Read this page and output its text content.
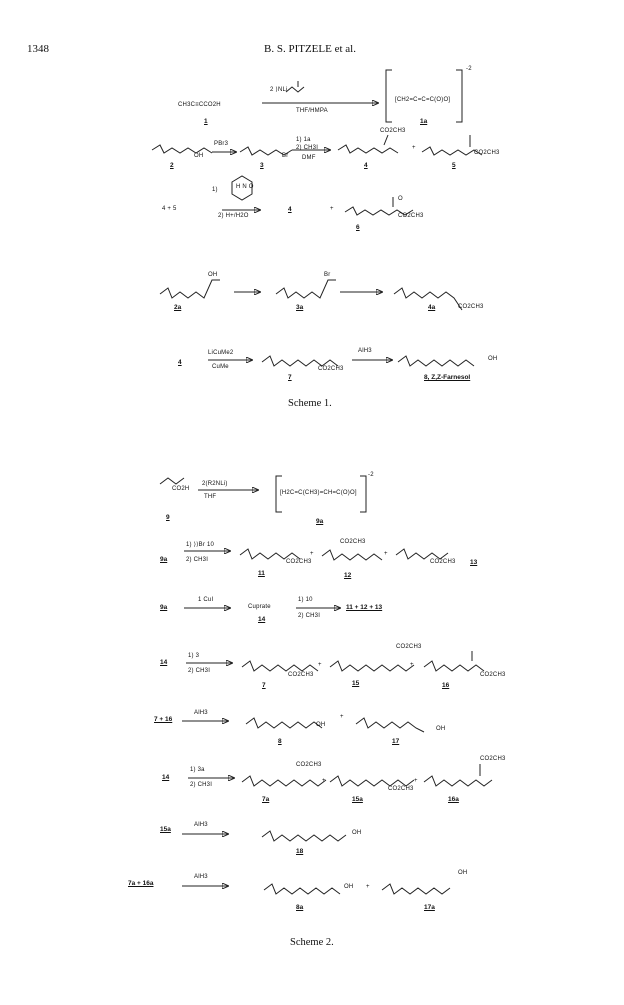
1348	B. S. PITZELE et al.
CH3C≡CCO2H
1
2 ⟩NLi
THF/HMPA
[CH2=C=C=C(O)O]
-2
1a
OH
2
PBr3
Br
3
1) 1a
2) CH3I
DMF
CO2CH3
4
+
CO2CH3
5
4 + 5
1)	H N O
2) H+/H2O
4	+
O
CO2CH3
6
OH
2a
Br
3a	CO2CH3
4a
4
LiCuMe2
CuMe	CO2CH3
7
AlH3
OH
8, Z,Z-Farnesol
Scheme 1.
CO2H
9
2(R2NLi)
THF
[H2C=C(CH3)=CH=C(O)O]
-2
9a
9a
1) ⟩⟩Br 10
2) CH3I	CO2CH3
11
+
CO2CH3
12
+
CO2CH3 13
9a
1 CuI
Cuprate
14
1) 10
2) CH3I
11 + 12 + 13
14
1) 3
2) CH3I
CO2CH3
7
+
CO2CH3
15
+
CO2CH3
16
7 + 16
AlH3
OH
8
+
OH
17
14
1) 3a
2) CH3I
CO2CH3
7a
+
CO2CH3
15a
+
CO2CH3
16a
15a
AlH3
OH
18
7a + 16a
AlH3
OH
8a
+
OH
17a
Scheme 2.
